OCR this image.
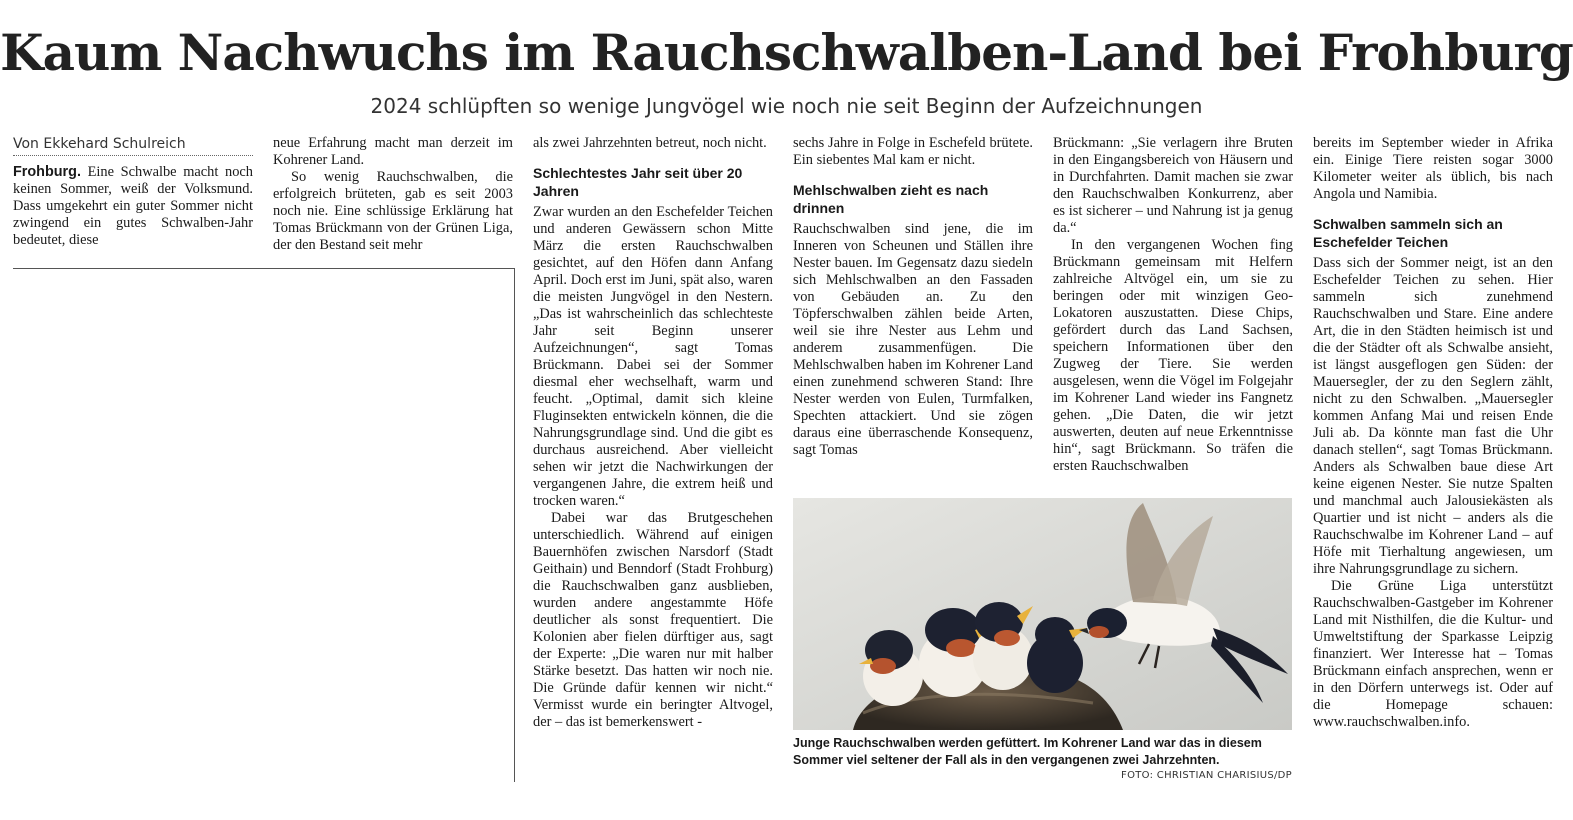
Kaum Nachwuchs im Rauchschwalben-Land bei Frohburg
2024 schlüpften so wenige Jungvögel wie noch nie seit Beginn der Aufzeichnungen
Von Ekkehard Schulreich

Frohburg. Eine Schwalbe macht noch keinen Sommer, weiß der Volksmund. Dass umgekehrt ein guter Sommer nicht zwingend ein gutes Schwalben-Jahr bedeutet, diese

neue Erfahrung macht man derzeit im Kohrener Land.

So wenig Rauchschwalben, die erfolgreich brüteten, gab es seit 2003 noch nie. Eine schlüssige Erklärung hat Tomas Brückmann von der Grünen Liga, der den Bestand seit mehr

als zwei Jahrzehnten betreut, noch nicht.

Schlechtestes Jahr seit über 20 Jahren

Zwar wurden an den Eschefelder Teichen und anderen Gewässern schon Mitte März die ersten Rauchschwalben gesichtet, auf den Höfen dann Anfang April. Doch erst im Juni, spät also, waren die meisten Jungvögel in den Nestern. „Das ist wahrscheinlich das schlechteste Jahr seit Beginn unserer Aufzeichnungen“, sagt Tomas Brückmann. Dabei sei der Sommer diesmal eher wechselhaft, warm und feucht. „Optimal, damit sich kleine Fluginsekten entwickeln können, die die Nahrungsgrundlage sind. Und die gibt es durchaus ausreichend. Aber vielleicht sehen wir jetzt die Nachwirkungen der vergangenen Jahre, die extrem heiß und trocken waren.“

Dabei war das Brutgeschehen unterschiedlich. Während auf einigen Bauernhöfen zwischen Narsdorf (Stadt Geithain) und Benndorf (Stadt Frohburg) die Rauchschwalben ganz ausblieben, wurden andere angestammte Höfe deutlicher als sonst frequentiert. Die Kolonien aber fielen dürftiger aus, sagt der Experte: „Die waren nur mit halber Stärke besetzt. Das hatten wir noch nie. Die Gründe dafür kennen wir nicht.“ Vermisst wurde ein beringter Altvogel, der – das ist bemerkenswert -

sechs Jahre in Folge in Eschefeld brütete. Ein siebentes Mal kam er nicht.

Mehlschwalben zieht es nach drinnen

Rauchschwalben sind jene, die im Inneren von Scheunen und Ställen ihre Nester bauen. Im Gegensatz dazu siedeln sich Mehlschwalben an den Fassaden von Gebäuden an. Zu den Töpferschwalben zählen beide Arten, weil sie ihre Nester aus Lehm und anderem zusammenfügen. Die Mehlschwalben haben im Kohrener Land einen zunehmend schweren Stand: Ihre Nester werden von Eulen, Turmfalken, Spechten attackiert. Und sie zögen daraus eine überraschende Konsequenz, sagt Tomas

Brückmann: „Sie verlagern ihre Bruten in den Eingangsbereich von Häusern und in Durchfahrten. Damit machen sie zwar den Rauchschwalben Konkurrenz, aber es ist sicherer – und Nahrung ist ja genug da.“

In den vergangenen Wochen fing Brückmann gemeinsam mit Helfern zahlreiche Altvögel ein, um sie zu beringen oder mit winzigen Geo-Lokatoren auszustatten. Diese Chips, gefördert durch das Land Sachsen, speichern Informationen über den Zugweg der Tiere. Sie werden ausgelesen, wenn die Vögel im Folgejahr im Kohrener Land wieder ins Fangnetz gehen. „Die Daten, die wir jetzt auswerten, deuten auf neue Erkenntnisse hin“, sagt Brückmann. So träfen die ersten Rauchschwalben

bereits im September wieder in Afrika ein. Einige Tiere reisten sogar 3000 Kilometer weiter als üblich, bis nach Angola und Namibia.

Schwalben sammeln sich an Eschefelder Teichen

Dass sich der Sommer neigt, ist an den Eschefelder Teichen zu sehen. Hier sammeln sich zunehmend Rauchschwalben und Stare. Eine andere Art, die in den Städten heimisch ist und die der Städter oft als Schwalbe ansieht, ist längst ausgeflogen gen Süden: der Mauersegler, der zu den Seglern zählt, nicht zu den Schwalben. „Mauersegler kommen Anfang Mai und reisen Ende Juli ab. Da könnte man fast die Uhr danach stellen“, sagt Tomas Brückmann. Anders als Schwalben baue diese Art keine eigenen Nester. Sie nutze Spalten und manchmal auch Jalousiekästen als Quartier und ist nicht – anders als die Rauchschwalbe im Kohrener Land – auf Höfe mit Tierhaltung angewiesen, um ihre Nahrungsgrundlage zu sichern.

Die Grüne Liga unterstützt Rauchschwalben-Gastgeber im Kohrener Land mit Nisthilfen, die die Kultur- und Umweltstiftung der Sparkasse Leipzig finanziert. Wer Interesse hat – Tomas Brückmann einfach ansprechen, wenn er in den Dörfern unterwegs ist. Oder auf die Homepage schauen: www.rauchschwalben.info.

Junge Rauchschwalben werden gefüttert. Im Kohrener Land war das in diesem Sommer viel seltener der Fall als in den vergangenen zwei Jahrzehnten.
FOTO: CHRISTIAN CHARISIUS/DP
